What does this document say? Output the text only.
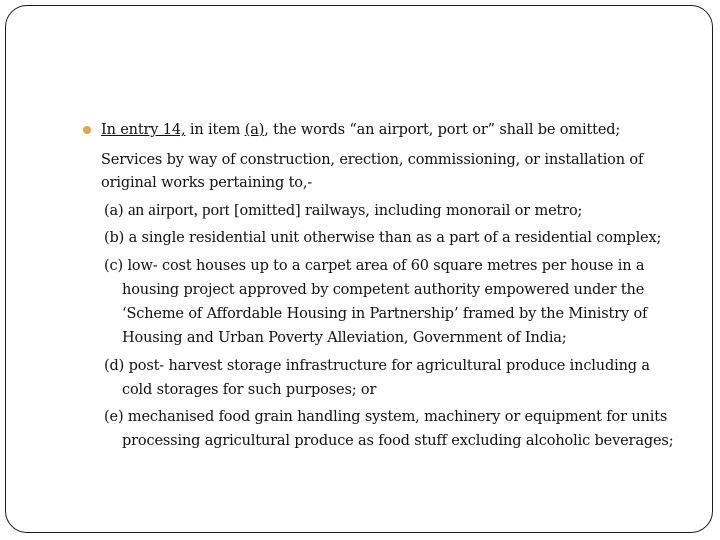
In entry 14, in item (a), the words “an airport, port or” shall be omitted;
Services by way of construction, erection, commissioning, or installation of
original works pertaining to,-
(a) an airport, port [omitted] railways, including monorail or metro;
(b) a single residential unit otherwise than as a part of a residential complex;
(c) low- cost houses up to a carpet area of 60 square metres per house in a
housing project approved by competent authority empowered under the
‘Scheme of Affordable Housing in Partnership’ framed by the Ministry of
Housing and Urban Poverty Alleviation, Government of India;
(d) post- harvest storage infrastructure for agricultural produce including a
cold storages for such purposes; or
(e) mechanised food grain handling system, machinery or equipment for units
processing agricultural produce as food stuff excluding alcoholic beverages;
